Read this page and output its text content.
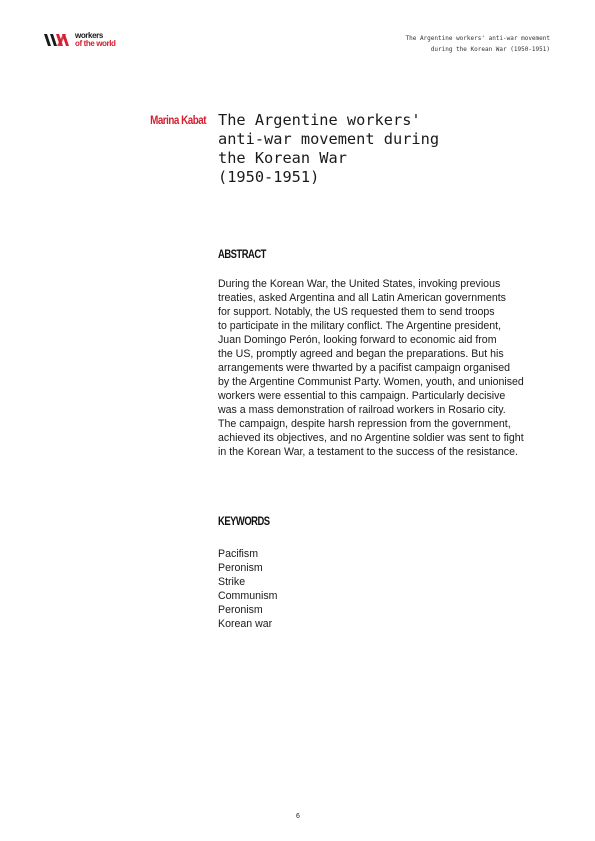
workers
of the world
The Argentine workers' anti-war movement
during the Korean War (1950-1951)
Marina Kabat The Argentine workers'
anti-war movement during
the Korean War
(1950-1951)
ABSTRACT
During the Korean War, the United States, invoking previous
treaties, asked Argentina and all Latin American governments
for support. Notably, the US requested them to send troops
to participate in the military conflict. The Argentine president,
Juan Domingo Perón, looking forward to economic aid from
the US, promptly agreed and began the preparations. But his
arrangements were thwarted by a pacifist campaign organised
by the Argentine Communist Party. Women, youth, and unionised
workers were essential to this campaign. Particularly decisive
was a mass demonstration of railroad workers in Rosario city.
The campaign, despite harsh repression from the government,
achieved its objectives, and no Argentine soldier was sent to fight
in the Korean War, a testament to the success of the resistance.
KEYWORDS
Pacifism
Peronism
Strike
Communism
Peronism
Korean war
6
